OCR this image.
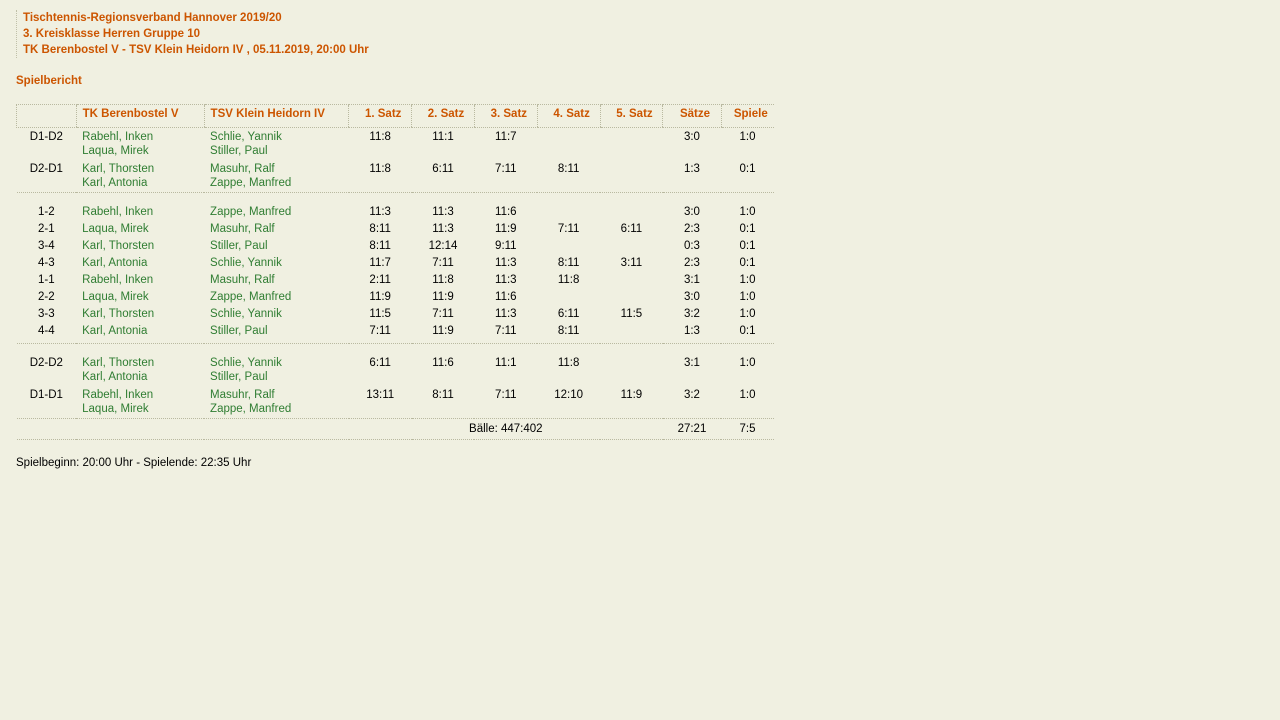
Tischtennis-Regionsverband Hannover 2019/20
3. Kreisklasse Herren Gruppe 10
TK Berenbostel V - TSV Klein Heidorn IV , 05.11.2019, 20:00 Uhr
Spielbericht
	TK Berenbostel V	TSV Klein Heidorn IV	1. Satz	2. Satz	3. Satz	4. Satz	5. Satz	Sätze	Spiele
D1-D2	Rabehl, Inken	Schlie, Yannik	11:8	11:1	11:7			3:0	1:0
	Laqua, Mirek	Stiller, Paul							
D2-D1	Karl, Thorsten	Masuhr, Ralf	11:8	6:11	7:11	8:11		1:3	0:1
	Karl, Antonia	Zappe, Manfred							

1-2	Rabehl, Inken	Zappe, Manfred	11:3	11:3	11:6			3:0	1:0
2-1	Laqua, Mirek	Masuhr, Ralf	8:11	11:3	11:9	7:11	6:11	2:3	0:1
3-4	Karl, Thorsten	Stiller, Paul	8:11	12:14	9:11			0:3	0:1
4-3	Karl, Antonia	Schlie, Yannik	11:7	7:11	11:3	8:11	3:11	2:3	0:1
1-1	Rabehl, Inken	Masuhr, Ralf	2:11	11:8	11:3	11:8		3:1	1:0
2-2	Laqua, Mirek	Zappe, Manfred	11:9	11:9	11:6			3:0	1:0
3-3	Karl, Thorsten	Schlie, Yannik	11:5	7:11	11:3	6:11	11:5	3:2	1:0
4-4	Karl, Antonia	Stiller, Paul	7:11	11:9	7:11	8:11		1:3	0:1

D2-D2	Karl, Thorsten	Schlie, Yannik	6:11	11:6	11:1	11:8		3:1	1:0
	Karl, Antonia	Stiller, Paul							
D1-D1	Rabehl, Inken	Masuhr, Ralf	13:11	8:11	7:11	12:10	11:9	3:2	1:0
	Laqua, Mirek	Zappe, Manfred							
			Bälle: 447:402					27:21	7:5
Spielbeginn: 20:00 Uhr - Spielende: 22:35 Uhr
